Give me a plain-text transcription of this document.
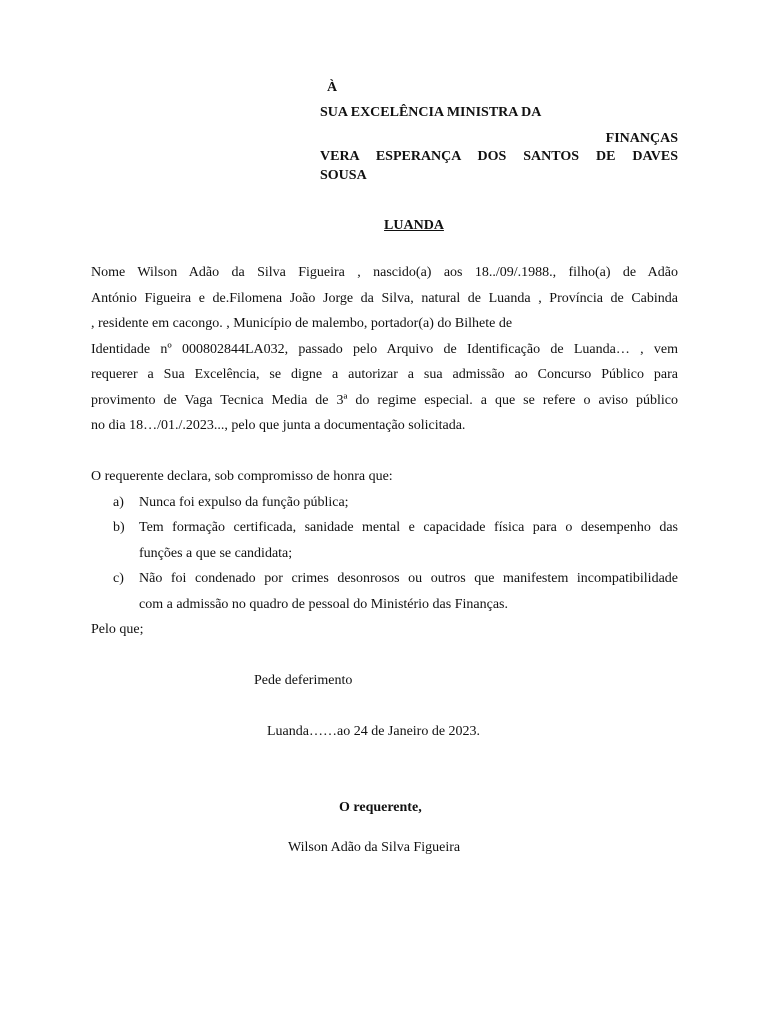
À
SUA EXCELÊNCIA MINISTRA DA
FINANÇAS
VERA ESPERANÇA DOS SANTOS DE DAVES
SOUSA
LUANDA
Nome Wilson Adão da Silva Figueira , nascido(a) aos 18../09/.1988., filho(a) de Adão
António Figueira e de.Filomena João Jorge da Silva, natural de Luanda , Província de Cabinda
, residente em cacongo. , Município de malembo, portador(a) do Bilhete de
Identidade nº 000802844LA032, passado pelo Arquivo de Identificação de Luanda… , vem
requerer a Sua Excelência, se digne a autorizar a sua admissão ao Concurso Público para
provimento de Vaga Tecnica Media de 3ª do regime especial. a que se refere o aviso público
no dia 18…/01./.2023..., pelo que junta a documentação solicitada.
O requerente declara, sob compromisso de honra que:
a)	Nunca foi expulso da função pública;
b)	Tem formação certificada, sanidade mental e capacidade física para o desempenho das
funções a que se candidata;
c)	Não foi condenado por crimes desonrosos ou outros que manifestem incompatibilidade
com a admissão no quadro de pessoal do Ministério das Finanças.
Pelo que;
Pede deferimento
Luanda……ao 24 de Janeiro de 2023.
O requerente,
Wilson Adão da Silva Figueira
